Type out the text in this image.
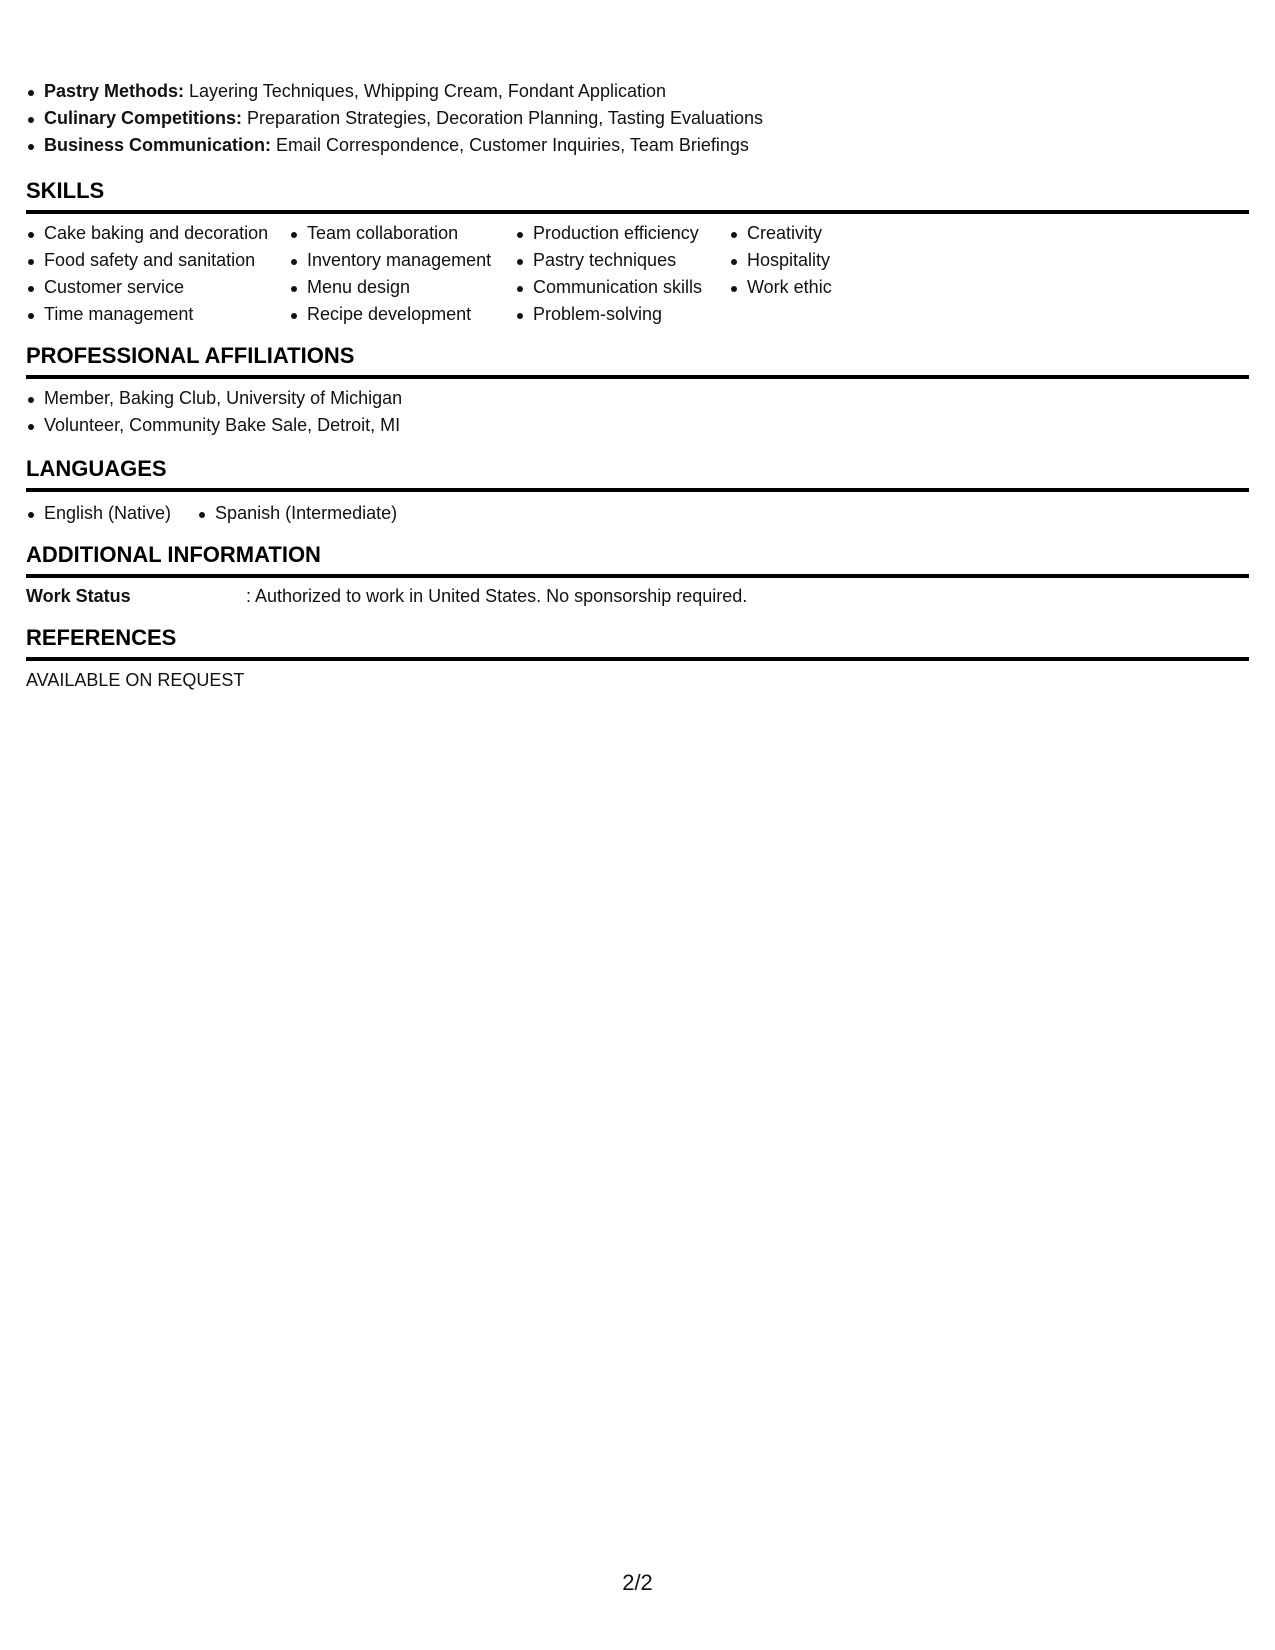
Pastry Methods: Layering Techniques, Whipping Cream, Fondant Application
Culinary Competitions: Preparation Strategies, Decoration Planning, Tasting Evaluations
Business Communication: Email Correspondence, Customer Inquiries, Team Briefings
SKILLS
Cake baking and decoration
Food safety and sanitation
Customer service
Time management
Team collaboration
Inventory management
Menu design
Recipe development
Production efficiency
Pastry techniques
Communication skills
Problem-solving
Creativity
Hospitality
Work ethic
PROFESSIONAL AFFILIATIONS
Member, Baking Club, University of Michigan
Volunteer, Community Bake Sale, Detroit, MI
LANGUAGES
English (Native)	Spanish (Intermediate)
ADDITIONAL INFORMATION
Work Status	: Authorized to work in United States. No sponsorship required.
REFERENCES
AVAILABLE ON REQUEST
2/2
